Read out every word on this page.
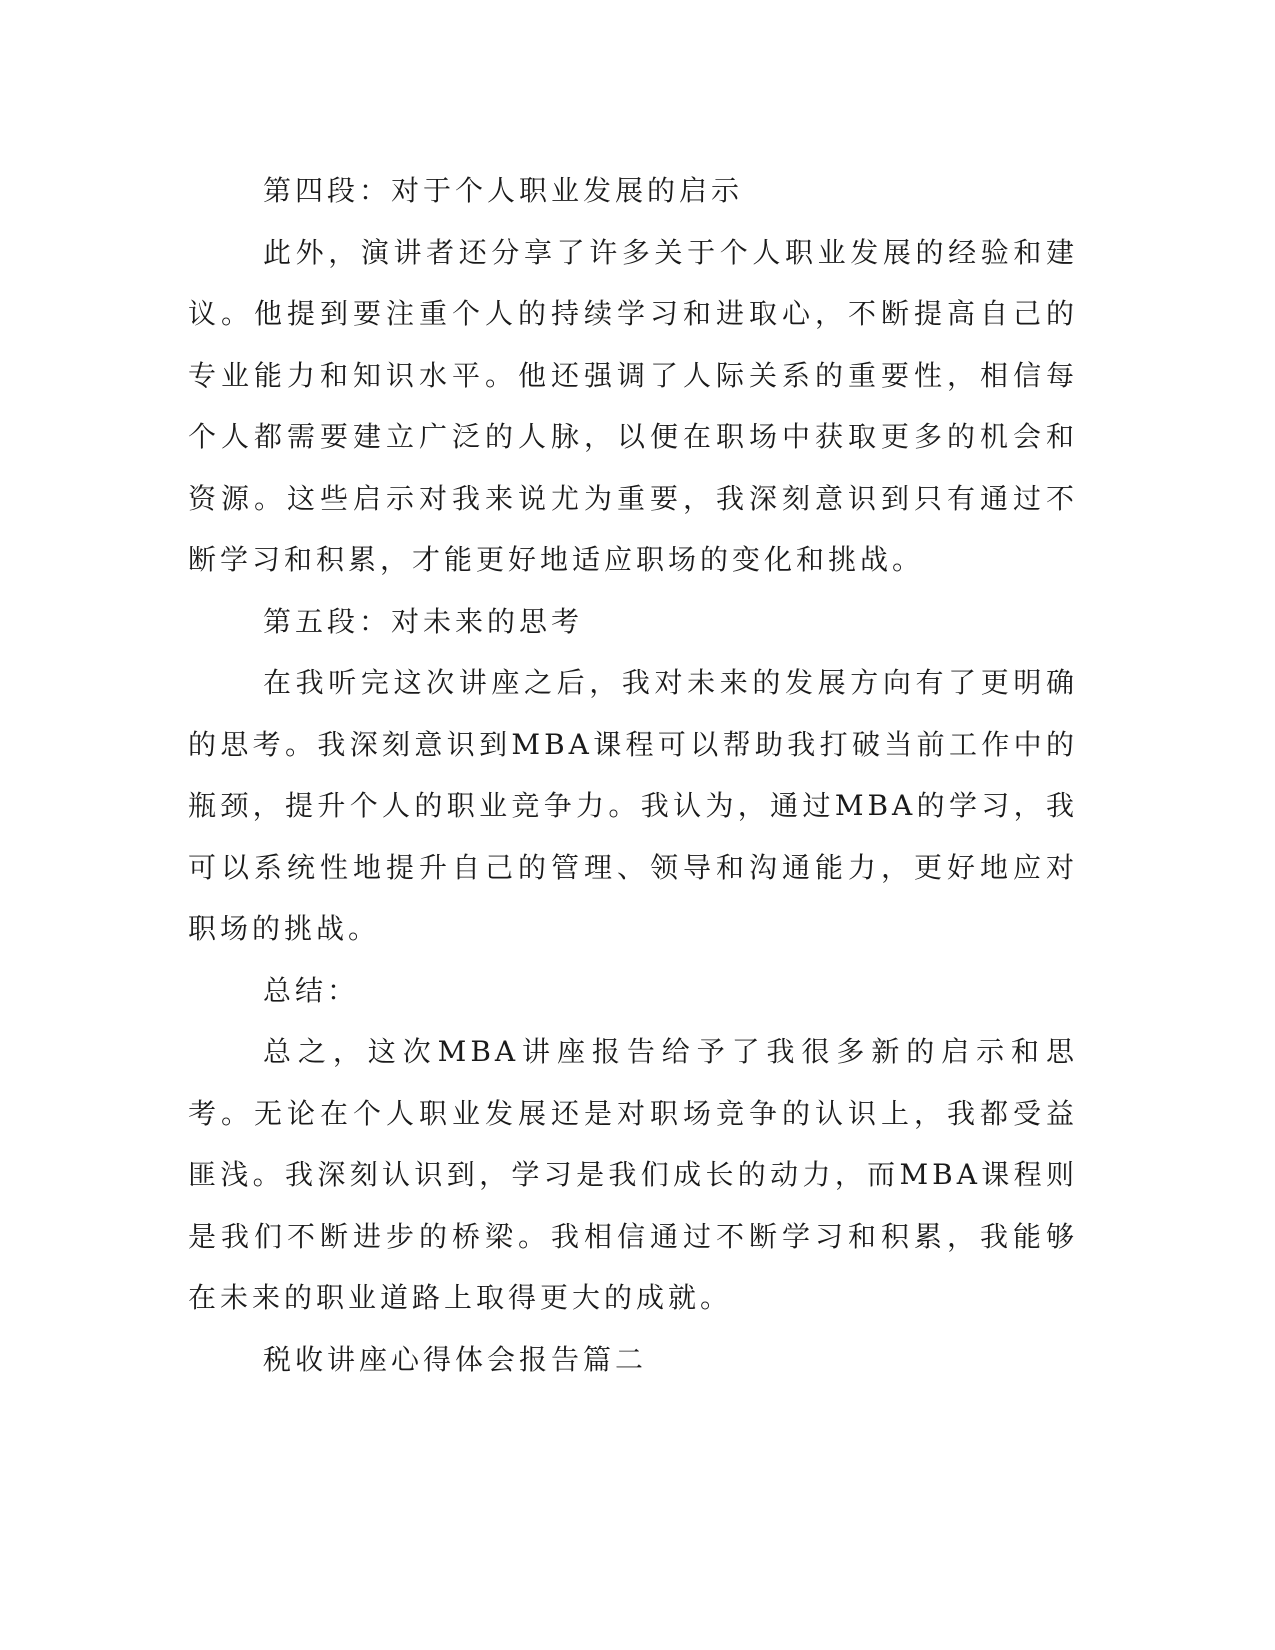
第四段：对于个人职业发展的启示

此外，演讲者还分享了许多关于个人职业发展的经验和建议。他提到要注重个人的持续学习和进取心，不断提高自己的专业能力和知识水平。他还强调了人际关系的重要性，相信每个人都需要建立广泛的人脉，以便在职场中获取更多的机会和资源。这些启示对我来说尤为重要，我深刻意识到只有通过不断学习和积累，才能更好地适应职场的变化和挑战。

第五段：对未来的思考

在我听完这次讲座之后，我对未来的发展方向有了更明确的思考。我深刻意识到MBA课程可以帮助我打破当前工作中的瓶颈，提升个人的职业竞争力。我认为，通过MBA的学习，我可以系统性地提升自己的管理、领导和沟通能力，更好地应对职场的挑战。

总结：

总之，这次MBA讲座报告给予了我很多新的启示和思考。无论在个人职业发展还是对职场竞争的认识上，我都受益匪浅。我深刻认识到，学习是我们成长的动力，而MBA课程则是我们不断进步的桥梁。我相信通过不断学习和积累，我能够在未来的职业道路上取得更大的成就。

税收讲座心得体会报告篇二
